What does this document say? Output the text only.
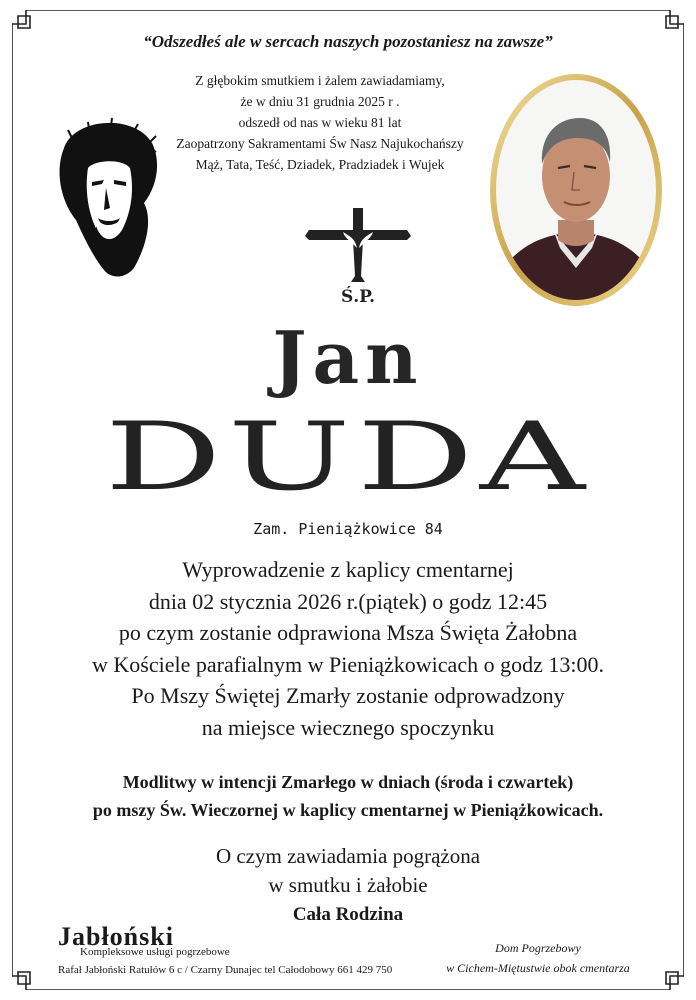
“Odszedłeś ale w sercach naszych pozostaniesz na zawsze”
Z głębokim smutkiem i żalem zawiadamiamy,
że w dniu 31 grudnia 2025 r .
odszedł od nas w wieku 81 lat
Zaopatrzony Sakramentami Św Nasz Najukochańszy
Mąż, Tata, Teść, Dziadek, Pradziadek i Wujek
Ś.P.
Jan
DUDA
Zam. Pieniążkowice 84
Wyprowadzenie z kaplicy cmentarnej
dnia 02 stycznia 2026 r.(piątek) o godz 12:45
po czym zostanie odprawiona Msza Święta Żałobna
w Kościele parafialnym w Pieniążkowicach o godz 13:00.
Po Mszy Świętej Zmarły zostanie odprowadzony
na miejsce wiecznego spoczynku
Modlitwy w intencji Zmarłego w dniach (środa i czwartek)
po mszy Św. Wieczornej w kaplicy cmentarnej w Pieniążkowicach.
O czym zawiadamia pogrążona
w smutku i żałobie
Cała Rodzina
Jabłoński
Kompleksowe usługi pogrzebowe
Rafał Jabłoński Ratułów 6 c / Czarny Dunajec tel Całodobowy 661 429 750
Dom Pogrzebowy
w Cichem-Miętustwie obok cmentarza
